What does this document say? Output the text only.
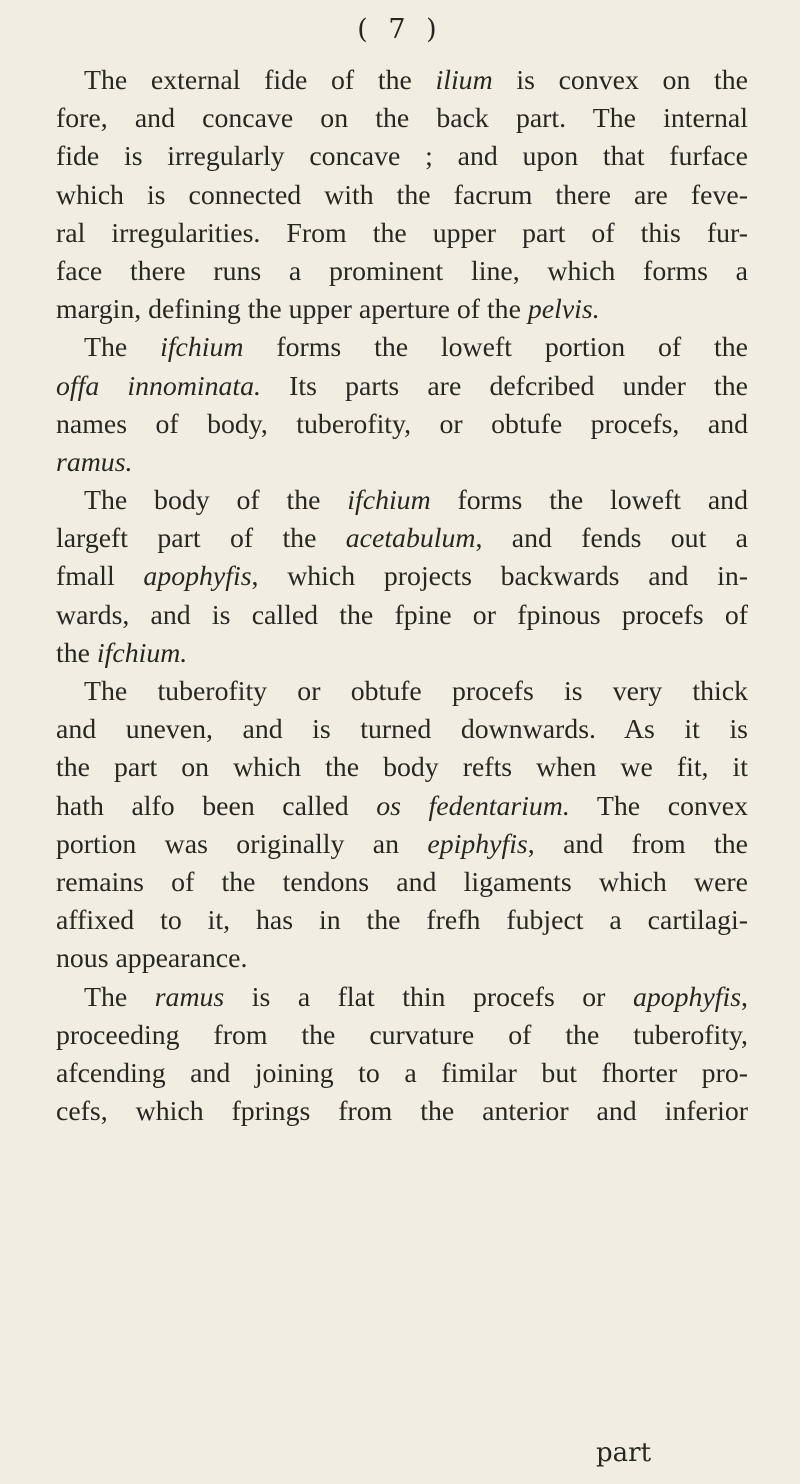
( 7 )
The external fide of the ilium is convex on the
fore, and concave on the back part. The internal
fide is irregularly concave ; and upon that furface
which is connected with the facrum there are feve-
ral irregularities. From the upper part of this fur-
face there runs a prominent line, which forms a
margin, defining the upper aperture of the pelvis.
The ifchium forms the loweft portion of the
offa innominata. Its parts are defcribed under the
names of body, tuberofity, or obtufe procefs, and
ramus.
The body of the ifchium forms the loweft and
largeft part of the acetabulum, and fends out a
fmall apophyfis, which projects backwards and in-
wards, and is called the fpine or fpinous procefs of
the ifchium.
The tuberofity or obtufe procefs is very thick
and uneven, and is turned downwards. As it is
the part on which the body refts when we fit, it
hath alfo been called os fedentarium. The convex
portion was originally an epiphyfis, and from the
remains of the tendons and ligaments which were
affixed to it, has in the frefh fubject a cartilagi-
nous appearance.
The ramus is a flat thin procefs or apophyfis,
proceeding from the curvature of the tuberofity,
afcending and joining to a fimilar but fhorter pro-
cefs, which fprings from the anterior and inferior
part
